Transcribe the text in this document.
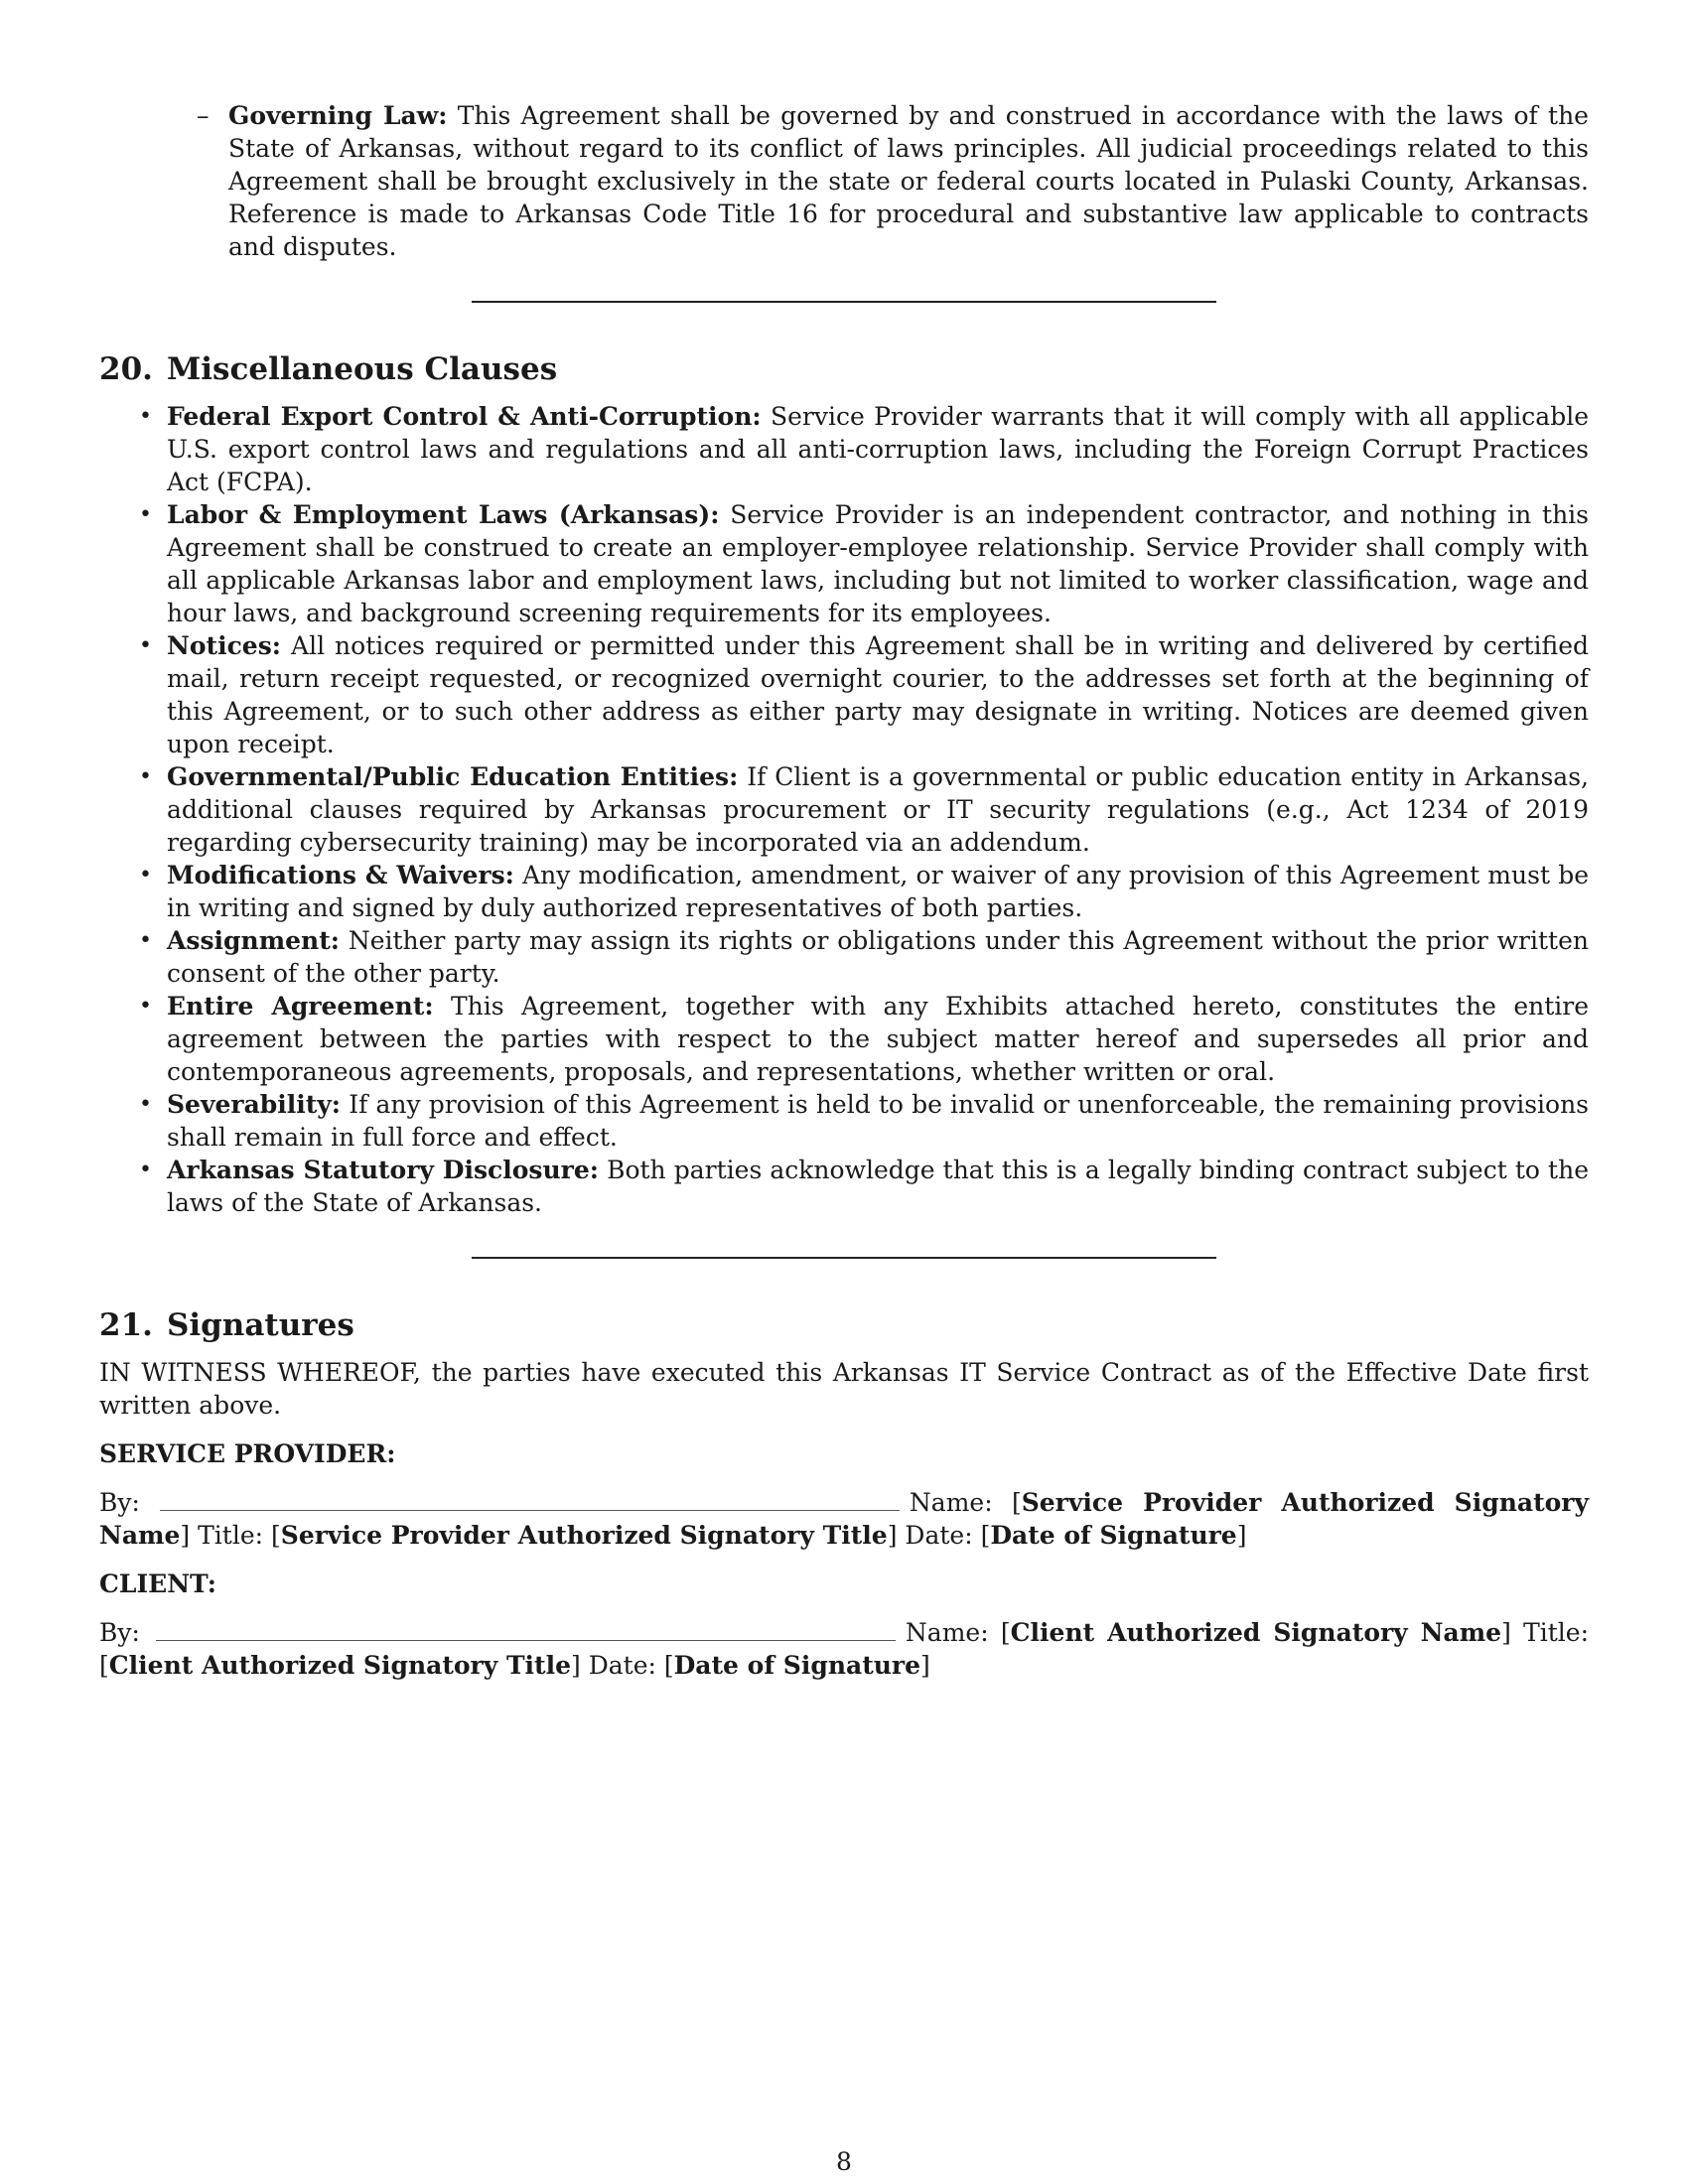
– Governing Law: This Agreement shall be governed by and construed in accordance with the laws of the State of Arkansas, without regard to its conflict of laws principles. All judicial proceedings related to this Agreement shall be brought exclusively in the state or federal courts located in Pulaski County, Arkansas. Reference is made to Arkansas Code Title 16 for procedural and substantive law applicable to contracts and disputes.

20. Miscellaneous Clauses
• Federal Export Control & Anti-Corruption: Service Provider warrants that it will comply with all applicable U.S. export control laws and regulations and all anti-corruption laws, including the Foreign Corrupt Practices Act (FCPA).
• Labor & Employment Laws (Arkansas): Service Provider is an independent contractor, and nothing in this Agreement shall be construed to create an employer-employee relationship. Service Provider shall comply with all applicable Arkansas labor and employment laws, including but not limited to worker classification, wage and hour laws, and background screening requirements for its employees.
• Notices: All notices required or permitted under this Agreement shall be in writing and delivered by certified mail, return receipt requested, or recognized overnight courier, to the addresses set forth at the beginning of this Agreement, or to such other address as either party may designate in writing. Notices are deemed given upon receipt.
• Governmental/Public Education Entities: If Client is a governmental or public education entity in Arkansas, additional clauses required by Arkansas procurement or IT security regulations (e.g., Act 1234 of 2019 regarding cybersecurity training) may be incorporated via an addendum.
• Modifications & Waivers: Any modification, amendment, or waiver of any provision of this Agreement must be in writing and signed by duly authorized representatives of both parties.
• Assignment: Neither party may assign its rights or obligations under this Agreement without the prior written consent of the other party.
• Entire Agreement: This Agreement, together with any Exhibits attached hereto, constitutes the entire agreement between the parties with respect to the subject matter hereof and supersedes all prior and contemporaneous agreements, proposals, and representations, whether written or oral.
• Severability: If any provision of this Agreement is held to be invalid or unenforceable, the remaining provisions shall remain in full force and effect.
• Arkansas Statutory Disclosure: Both parties acknowledge that this is a legally binding contract subject to the laws of the State of Arkansas.
21. Signatures

IN WITNESS WHEREOF, the parties have executed this Arkansas IT Service Contract as of the Effective Date first written above.

SERVICE PROVIDER:

By:	Name: [Service Provider Authorized Signatory Name] Title: [Service Provider Authorized Signatory Title] Date: [Date of Signature]

CLIENT:

By:	Name: [Client Authorized Signatory Name] Title: [Client Authorized Signatory Title] Date: [Date of Signature]

8
